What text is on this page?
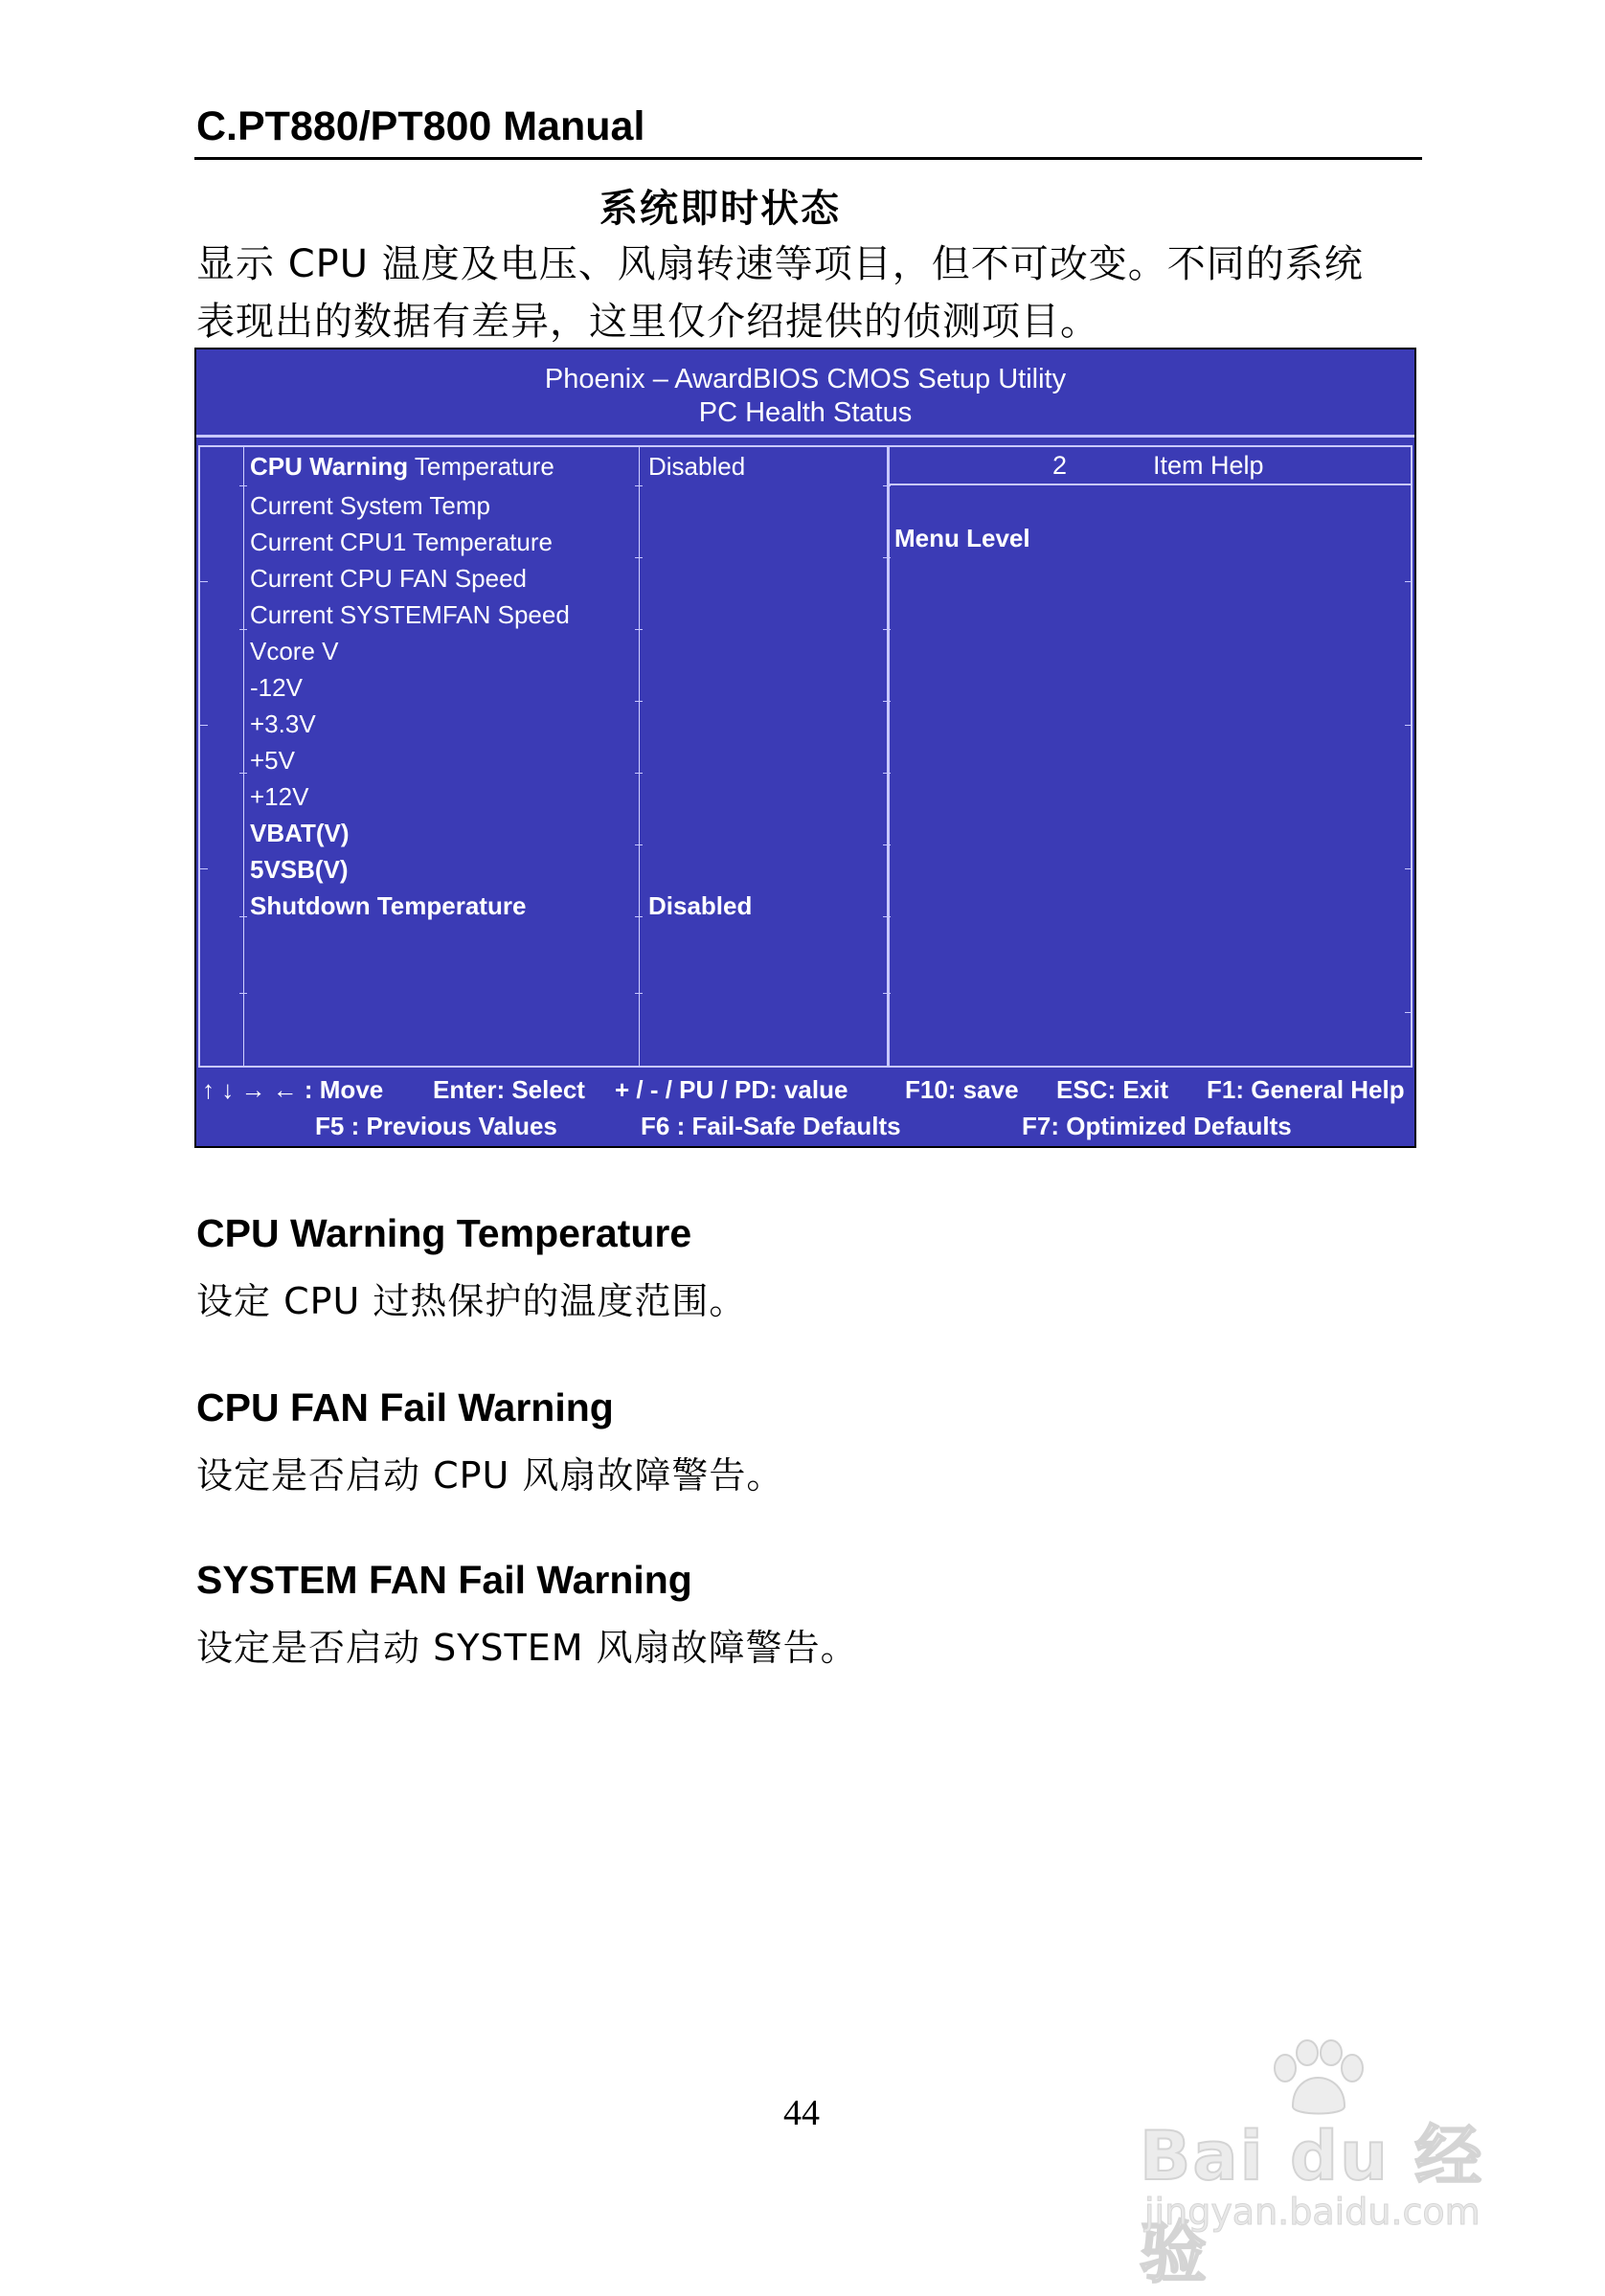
C.PT880/PT800 Manual
系统即时状态
显示 CPU 温度及电压、风扇转速等项目，但不可改变。不同的系统
表现出的数据有差异，这里仅介绍提供的侦测项目。
Phoenix – AwardBIOS CMOS Setup Utility
PC Health Status
2	Item Help
Menu Level
CPU Warning Temperature	Disabled
Current System Temp
Current CPU1 Temperature
Current CPU FAN Speed
Current SYSTEMFAN Speed
Vcore V
-12V
+3.3V
+5V
+12V
VBAT(V)
5VSB(V)
Shutdown Temperature	Disabled
↑ ↓ → ← : Move Enter: Select + / - / PU / PD: value F10: save ESC: Exit F1: General Help
F5 : Previous Values	F6 : Fail-Safe Defaults	F7: Optimized Defaults
CPU Warning Temperature
设定 CPU 过热保护的温度范围。
CPU FAN Fail Warning
设定是否启动 CPU 风扇故障警告。
SYSTEM FAN Fail Warning
设定是否启动 SYSTEM 风扇故障警告。
44
Bai du 经验
jingyan.baidu.com
